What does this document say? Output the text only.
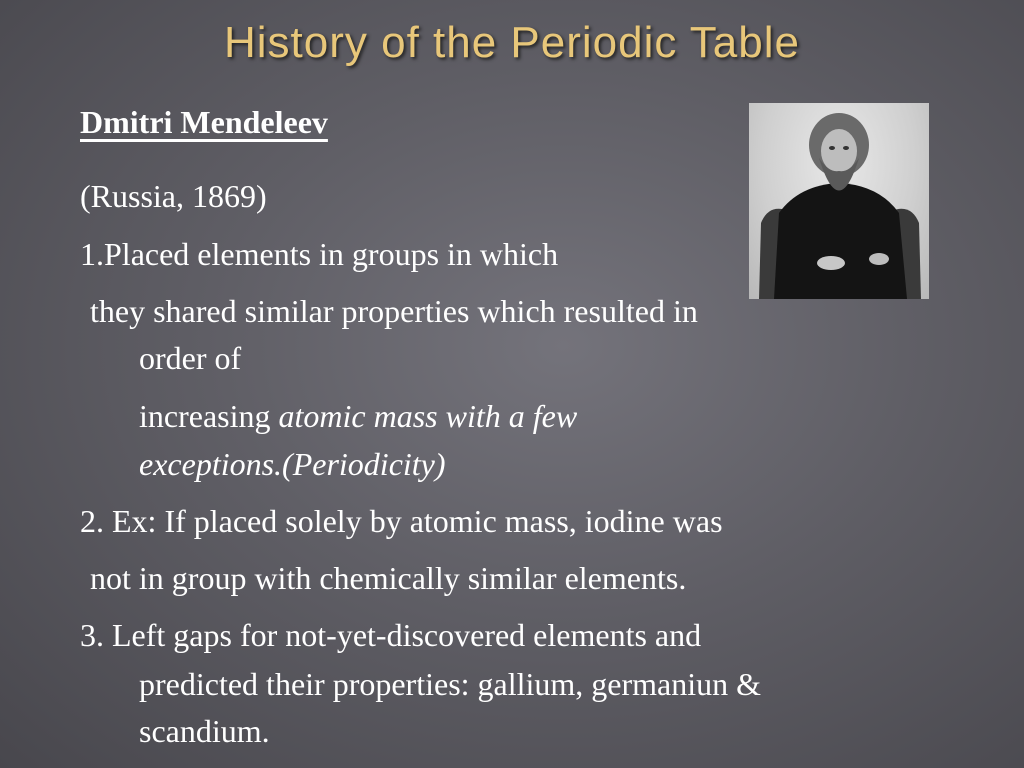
History of the Periodic Table
Dmitri Mendeleev
(Russia, 1869)
1.Placed elements in groups in which
they shared similar properties which resulted in
order of
increasing atomic mass with a few
exceptions.(Periodicity)
2. Ex: If placed solely by atomic mass, iodine was
not in group with chemically similar elements.
3. Left gaps for not-yet-discovered elements and
predicted their properties: gallium, germaniun &
scandium.
